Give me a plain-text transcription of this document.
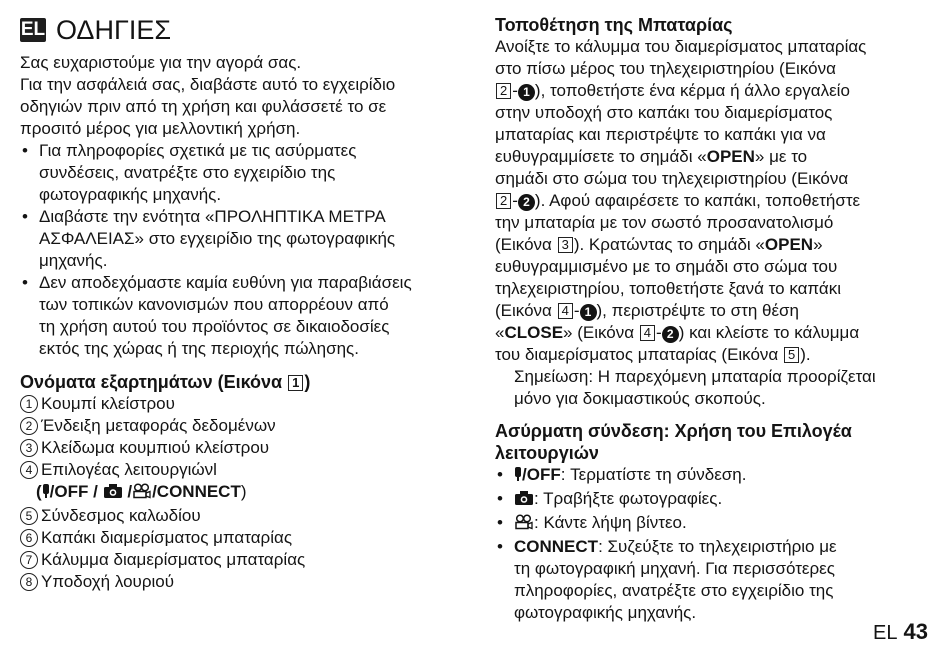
EL ΟΔΗΓΙΕΣ

Σας ευχαριστούμε για την αγορά σας.

Για την ασφάλειά σας, διαβάστε αυτό το εγχειρίδιο

οδηγιών πριν από τη χρήση και φυλάσσετέ το σε

προσιτό μέρος για μελλοντική χρήση.

• Για πληροφορίες σχετικά με τις ασύρματες
συνδέσεις, ανατρέξτε στο εγχειρίδιο της
φωτογραφικής μηχανής.
• Διαβάστε την ενότητα «ΠΡΟΛΗΠΤΙΚΑ ΜΕΤΡΑ
ΑΣΦΑΛΕΙΑΣ» στο εγχειρίδιο της φωτογραφικής
μηχανής.
• Δεν αποδεχόμαστε καμία ευθύνη για παραβιάσεις
των τοπικών κανονισμών που απορρέουν από
τη χρήση αυτού του προϊόντος σε δικαιοδοσίες
εκτός της χώρας ή της περιοχής πώλησης.
Ονόματα εξαρτημάτων (Εικόνα 1 )
1 Κουμπί κλείστρου
2 Ένδειξη μεταφοράς δεδομένων
3 Κλείδωμα κουμπιού κλείστρου
4 Επιλογέας λειτουργιώνl
( /OFF / / /CONNECT)
5 Σύνδεσμος καλωδίου
6 Καπάκι διαμερίσματος μπαταρίας
7 Κάλυμμα διαμερίσματος μπαταρίας
8 Υποδοχή λουριού
Τοποθέτηση της Μπαταρίας
Ανοίξτε το κάλυμμα του διαμερίσματος μπαταρίας
στο πίσω μέρος του τηλεχειριστηρίου (Εικόνα
2 - 1 ), τοποθετήστε ένα κέρμα ή άλλο εργαλείο
στην υποδοχή στο καπάκι του διαμερίσματος
μπαταρίας και περιστρέψτε το καπάκι για να
ευθυγραμμίσετε το σημάδι «OPEN» με το
σημάδι στο σώμα του τηλεχειριστηρίου (Εικόνα
2 - 2 ). Αφού αφαιρέσετε το καπάκι, τοποθετήστε
την μπαταρία με τον σωστό προσανατολισμό
(Εικόνα 3 ). Κρατώντας το σημάδι «OPEN»
ευθυγραμμισμένο με το σημάδι στο σώμα του
τηλεχειριστηρίου, τοποθετήστε ξανά το καπάκι
(Εικόνα 4 - 1 ), περιστρέψτε το στη θέση
«CLOSE» (Εικόνα 4 - 2 ) και κλείστε το κάλυμμα
του διαμερίσματος μπαταρίας (Εικόνα 5 ).
Σημείωση: Η παρεχόμενη μπαταρία προορίζεται
μόνο για δοκιμαστικούς σκοπούς.
Ασύρματη σύνδεση: Χρήση του Επιλογέα
λειτουργιών
• /OFF: Τερματίστε τη σύνδεση.
• : Τραβήξτε φωτογραφίες.
• : Κάντε λήψη βίντεο.
• CONNECT: Συζεύξτε το τηλεχειριστήριο με
τη φωτογραφική μηχανή. Για περισσότερες
πληροφορίες, ανατρέξτε στο εγχειρίδιο της
φωτογραφικής μηχανής.
EL 43
